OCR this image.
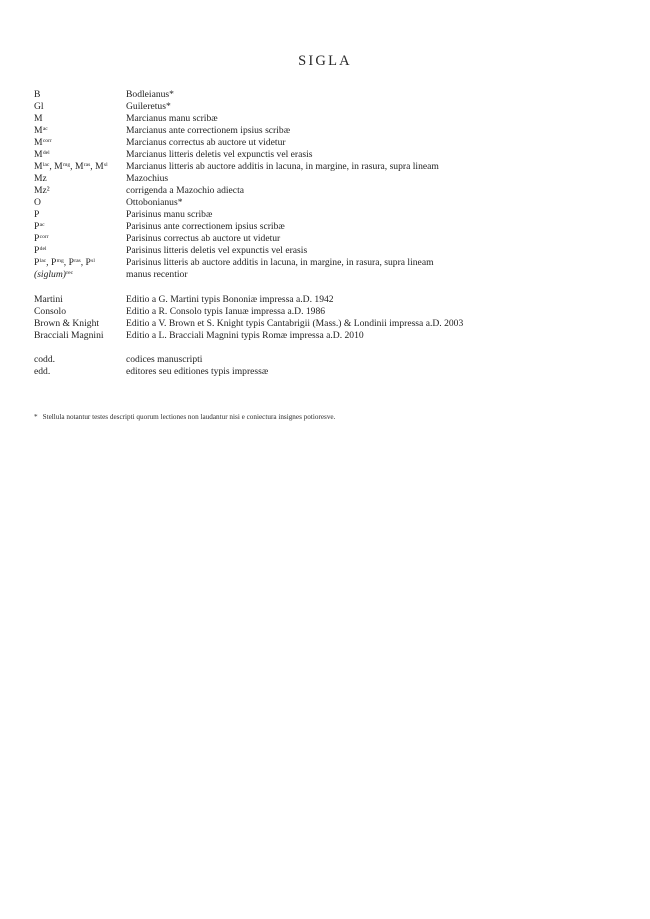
SIGLA
B	Bodleianus*
Gl	Guileretus*
M	Marcianus manu scribæ
$M^{ac}$	Marcianus ante correctionem ipsius scribæ
$M^{corr}$	Marcianus correctus ab auctore ut videtur
$M^{del}$	Marcianus litteris deletis vel expunctis vel erasis
$M^{lac}$, $M^{mg}$, $M^{ras}$, $M^{sl}$	Marcianus litteris ab auctore additis in lacuna, in margine, in rasura, supra lineam
Mz	Mazochius
Mz²	corrigenda a Mazochio adiecta
O	Ottobonianus*
P	Parisinus manu scribæ
$P^{ac}$	Parisinus ante correctionem ipsius scribæ
$P^{corr}$	Parisinus correctus ab auctore ut videtur
$P^{del}$	Parisinus litteris deletis vel expunctis vel erasis
$P^{lac}$, $P^{mg}$, $P^{ras}$, $P^{sl}$	Parisinus litteris ab auctore additis in lacuna, in margine, in rasura, supra lineam
(siglum)$^{rec}$	manus recentior
Martini	Editio a G. Martini typis Bononiæ impressa a.D. 1942
Consolo	Editio a R. Consolo typis Ianuæ impressa a.D. 1986
Brown & Knight	Editio a V. Brown et S. Knight typis Cantabrigii (Mass.) & Londinii impressa a.D. 2003
Bracciali Magnini	Editio a L. Bracciali Magnini typis Romæ impressa a.D. 2010
codd.	codices manuscripti
edd.	editores seu editiones typis impressæ
* Stellula notantur testes descripti quorum lectiones non laudantur nisi e coniectura insignes potioresve.
